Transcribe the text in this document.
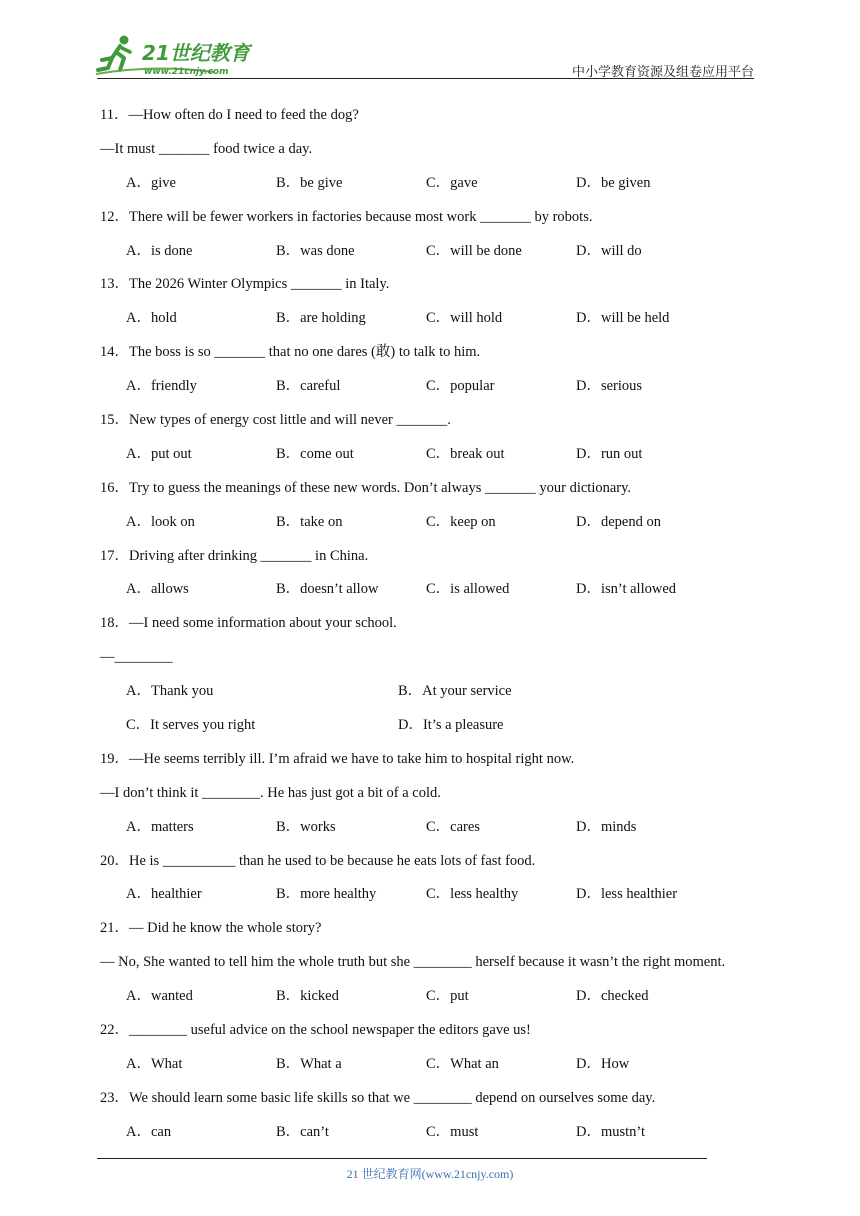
21世纪教育
www.21cnjy.com	中小学教育资源及组卷应用平台
11．—How often do I need to feed the dog?
—It must _______ food twice a day.
A．give	B．be give	C．gave	D．be given
12．There will be fewer workers in factories because most work _______ by robots.
A．is done	B．was done	C．will be done	D．will do
13．The 2026 Winter Olympics _______ in Italy.
A．hold	B．are holding	C．will hold	D．will be held
14．The boss is so _______ that no one dares (敢) to talk to him.
A．friendly	B．careful	C．popular	D．serious
15．New types of energy cost little and will never _______.
A．put out	B．come out	C．break out	D．run out
16．Try to guess the meanings of these new words. Don’t always _______ your dictionary.
A．look on	B．take on	C．keep on	D．depend on
17．Driving after drinking _______ in China.
A．allows	B．doesn’t allow	C．is allowed	D．isn’t allowed
18．—I need some information about your school.
—________
A．Thank you	B．At your service
C．It serves you right	D．It’s a pleasure
19．—He seems terribly ill. I’m afraid we have to take him to hospital right now.
—I don’t think it ________. He has just got a bit of a cold.
A．matters	B．works	C．cares	D．minds
20．He is __________ than he used to be because he eats lots of fast food.
A．healthier	B．more healthy	C．less healthy	D．less healthier
21．— Did he know the whole story?
— No, She wanted to tell him the whole truth but she ________ herself because it wasn’t the right moment.
A．wanted	B．kicked	C．put	D．checked
22．________ useful advice on the school newspaper the editors gave us!
A．What	B．What a	C．What an	D．How
23．We should learn some basic life skills so that we ________ depend on ourselves some day.
A．can	B．can’t	C．must	D．mustn’t
21 世纪教育网(www.21cnjy.com)
